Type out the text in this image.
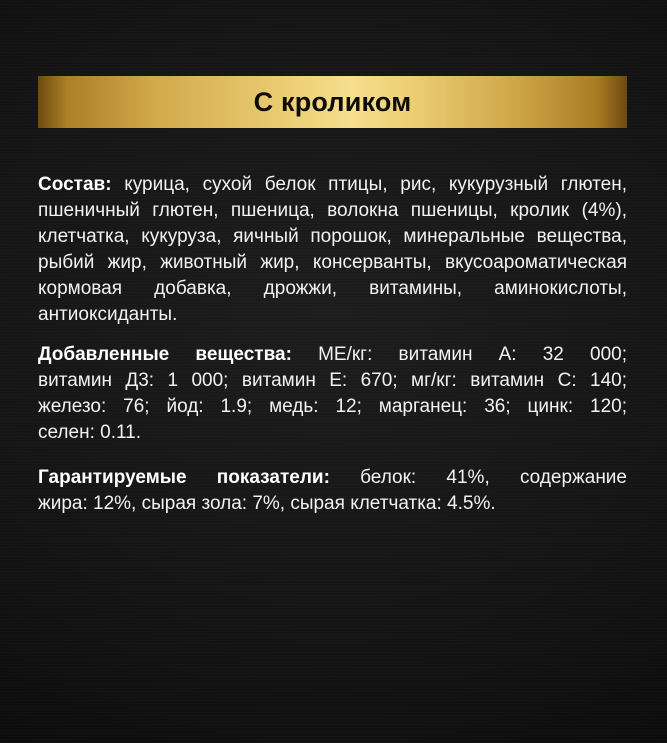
С кроликом
Состав: курица, сухой белок птицы, рис, кукурузный глютен,
пшеничный глютен, пшеница, волокна пшеницы, кролик (4%),
клетчатка, кукуруза, яичный порошок, минеральные вещества,
рыбий жир, животный жир, консерванты, вкусоароматическая
кормовая добавка, дрожжи, витамины, аминокислоты,
антиоксиданты.
Добавленные вещества: МЕ/кг: витамин А: 32 000;
витамин Д3: 1 000; витамин Е: 670; мг/кг: витамин С: 140;
железо: 76; йод: 1.9; медь: 12; марганец: 36; цинк: 120;
селен: 0.11.
Гарантируемые показатели: белок: 41%, содержание
жира: 12%, сырая зола: 7%, сырая клетчатка: 4.5%.
